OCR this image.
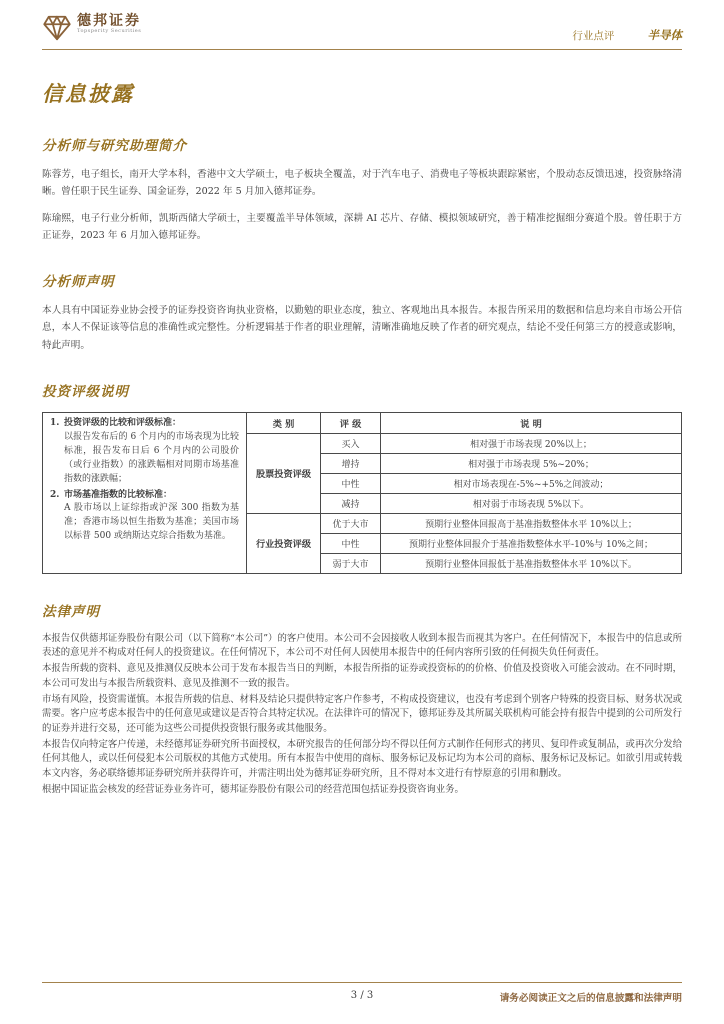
德邦证券
Topsperity Securities	行业点评	半导体
信息披露
分析师与研究助理简介

陈蓉芳，电子组长，南开大学本科，香港中文大学硕士，电子板块全覆盖，对于汽车电子、消费电子等板块跟踪紧密，个股动态反馈迅速，投资脉络清晰。曾任职于民生证券、国金证券，2022 年 5 月加入德邦证券。

陈瑜熙，电子行业分析师，凯斯西储大学硕士，主要覆盖半导体领域，深耕 AI 芯片、存储、模拟领域研究，善于精准挖掘细分赛道个股。曾任职于方正证券，2023 年 6 月加入德邦证券。

分析师声明

本人具有中国证券业协会授予的证券投资咨询执业资格，以勤勉的职业态度，独立、客观地出具本报告。本报告所采用的数据和信息均来自市场公开信息，本人不保证该等信息的准确性或完整性。分析逻辑基于作者的职业理解，清晰准确地反映了作者的研究观点，结论不受任何第三方的授意或影响，特此声明。

投资评级说明
1. 投资评级的比较和评级标准：
以报告发布后的 6 个月内的市场表现为比较标准，报告发布日后 6 个月内的公司股价（或行业指数）的涨跌幅相对同期市场基准指数的涨跌幅；
2. 市场基准指数的比较标准：
A 股市场以上证综指或沪深 300 指数为基准；香港市场以恒生指数为基准；美国市场以标普 500 或纳斯达克综合指数为基准。
	类 别	评 级	说 明
	股票投资评级	买入	相对强于市场表现 20%以上；
		增持	相对强于市场表现 5%~20%；
		中性	相对市场表现在-5%~+5%之间波动；
		减持	相对弱于市场表现 5%以下。
	行业投资评级	优于大市	预期行业整体回报高于基准指数整体水平 10%以上；
		中性	预期行业整体回报介于基准指数整体水平-10%与 10%之间；
		弱于大市	预期行业整体回报低于基准指数整体水平 10%以下。
法律声明

本报告仅供德邦证券股份有限公司（以下简称“本公司”）的客户使用。本公司不会因接收人收到本报告而视其为客户。在任何情况下，本报告中的信息或所表述的意见并不构成对任何人的投资建议。在任何情况下，本公司不对任何人因使用本报告中的任何内容所引致的任何损失负任何责任。

本报告所载的资料、意见及推测仅反映本公司于发布本报告当日的判断，本报告所指的证券或投资标的的价格、价值及投资收入可能会波动。在不同时期，本公司可发出与本报告所载资料、意见及推测不一致的报告。

市场有风险，投资需谨慎。本报告所载的信息、材料及结论只提供特定客户作参考，不构成投资建议，也没有考虑到个别客户特殊的投资目标、财务状况或需要。客户应考虑本报告中的任何意见或建议是否符合其特定状况。在法律许可的情况下，德邦证券及其所属关联机构可能会持有报告中提到的公司所发行的证券并进行交易，还可能为这些公司提供投资银行服务或其他服务。

本报告仅向特定客户传递，未经德邦证券研究所书面授权，本研究报告的任何部分均不得以任何方式制作任何形式的拷贝、复印件或复制品，或再次分发给任何其他人，或以任何侵犯本公司版权的其他方式使用。所有本报告中使用的商标、服务标记及标记均为本公司的商标、服务标记及标记。如欲引用或转载本文内容，务必联络德邦证券研究所并获得许可，并需注明出处为德邦证券研究所，且不得对本文进行有悖原意的引用和删改。

根据中国证监会核发的经营证券业务许可，德邦证券股份有限公司的经营范围包括证券投资咨询业务。

3 / 3	请务必阅读正文之后的信息披露和法律声明
